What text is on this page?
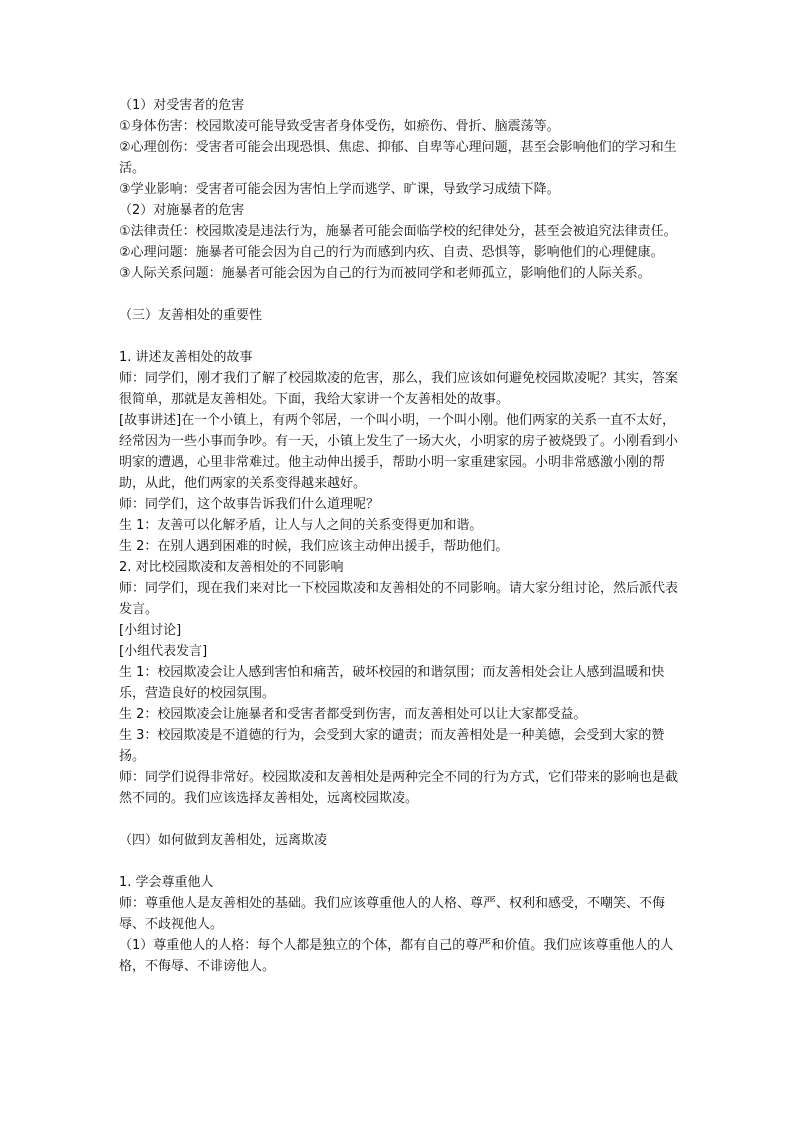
（1）对受害者的危害

①身体伤害：校园欺凌可能导致受害者身体受伤，如瘀伤、骨折、脑震荡等。

②心理创伤：受害者可能会出现恐惧、焦虑、抑郁、自卑等心理问题，甚至会影响他们的学习和生活。

③学业影响：受害者可能会因为害怕上学而逃学、旷课，导致学习成绩下降。

（2）对施暴者的危害

①法律责任：校园欺凌是违法行为，施暴者可能会面临学校的纪律处分，甚至会被追究法律责任。

②心理问题：施暴者可能会因为自己的行为而感到内疚、自责、恐惧等，影响他们的心理健康。

③人际关系问题：施暴者可能会因为自己的行为而被同学和老师孤立，影响他们的人际关系。

（三）友善相处的重要性

1. 讲述友善相处的故事

师：同学们，刚才我们了解了校园欺凌的危害，那么，我们应该如何避免校园欺凌呢？其实，答案很简单，那就是友善相处。下面，我给大家讲一个友善相处的故事。

[故事讲述]在一个小镇上，有两个邻居，一个叫小明，一个叫小刚。他们两家的关系一直不太好，经常因为一些小事而争吵。有一天，小镇上发生了一场大火，小明家的房子被烧毁了。小刚看到小明家的遭遇，心里非常难过。他主动伸出援手，帮助小明一家重建家园。小明非常感激小刚的帮助，从此，他们两家的关系变得越来越好。

师：同学们，这个故事告诉我们什么道理呢？

生 1：友善可以化解矛盾，让人与人之间的关系变得更加和谐。

生 2：在别人遇到困难的时候，我们应该主动伸出援手，帮助他们。

2. 对比校园欺凌和友善相处的不同影响

师：同学们，现在我们来对比一下校园欺凌和友善相处的不同影响。请大家分组讨论，然后派代表发言。

[小组讨论]

[小组代表发言]

生 1：校园欺凌会让人感到害怕和痛苦，破坏校园的和谐氛围；而友善相处会让人感到温暖和快乐，营造良好的校园氛围。

生 2：校园欺凌会让施暴者和受害者都受到伤害，而友善相处可以让大家都受益。

生 3：校园欺凌是不道德的行为，会受到大家的谴责；而友善相处是一种美德，会受到大家的赞扬。

师：同学们说得非常好。校园欺凌和友善相处是两种完全不同的行为方式，它们带来的影响也是截然不同的。我们应该选择友善相处，远离校园欺凌。

（四）如何做到友善相处，远离欺凌

1. 学会尊重他人

师：尊重他人是友善相处的基础。我们应该尊重他人的人格、尊严、权利和感受，不嘲笑、不侮辱、不歧视他人。

（1）尊重他人的人格：每个人都是独立的个体，都有自己的尊严和价值。我们应该尊重他人的人格，不侮辱、不诽谤他人。
